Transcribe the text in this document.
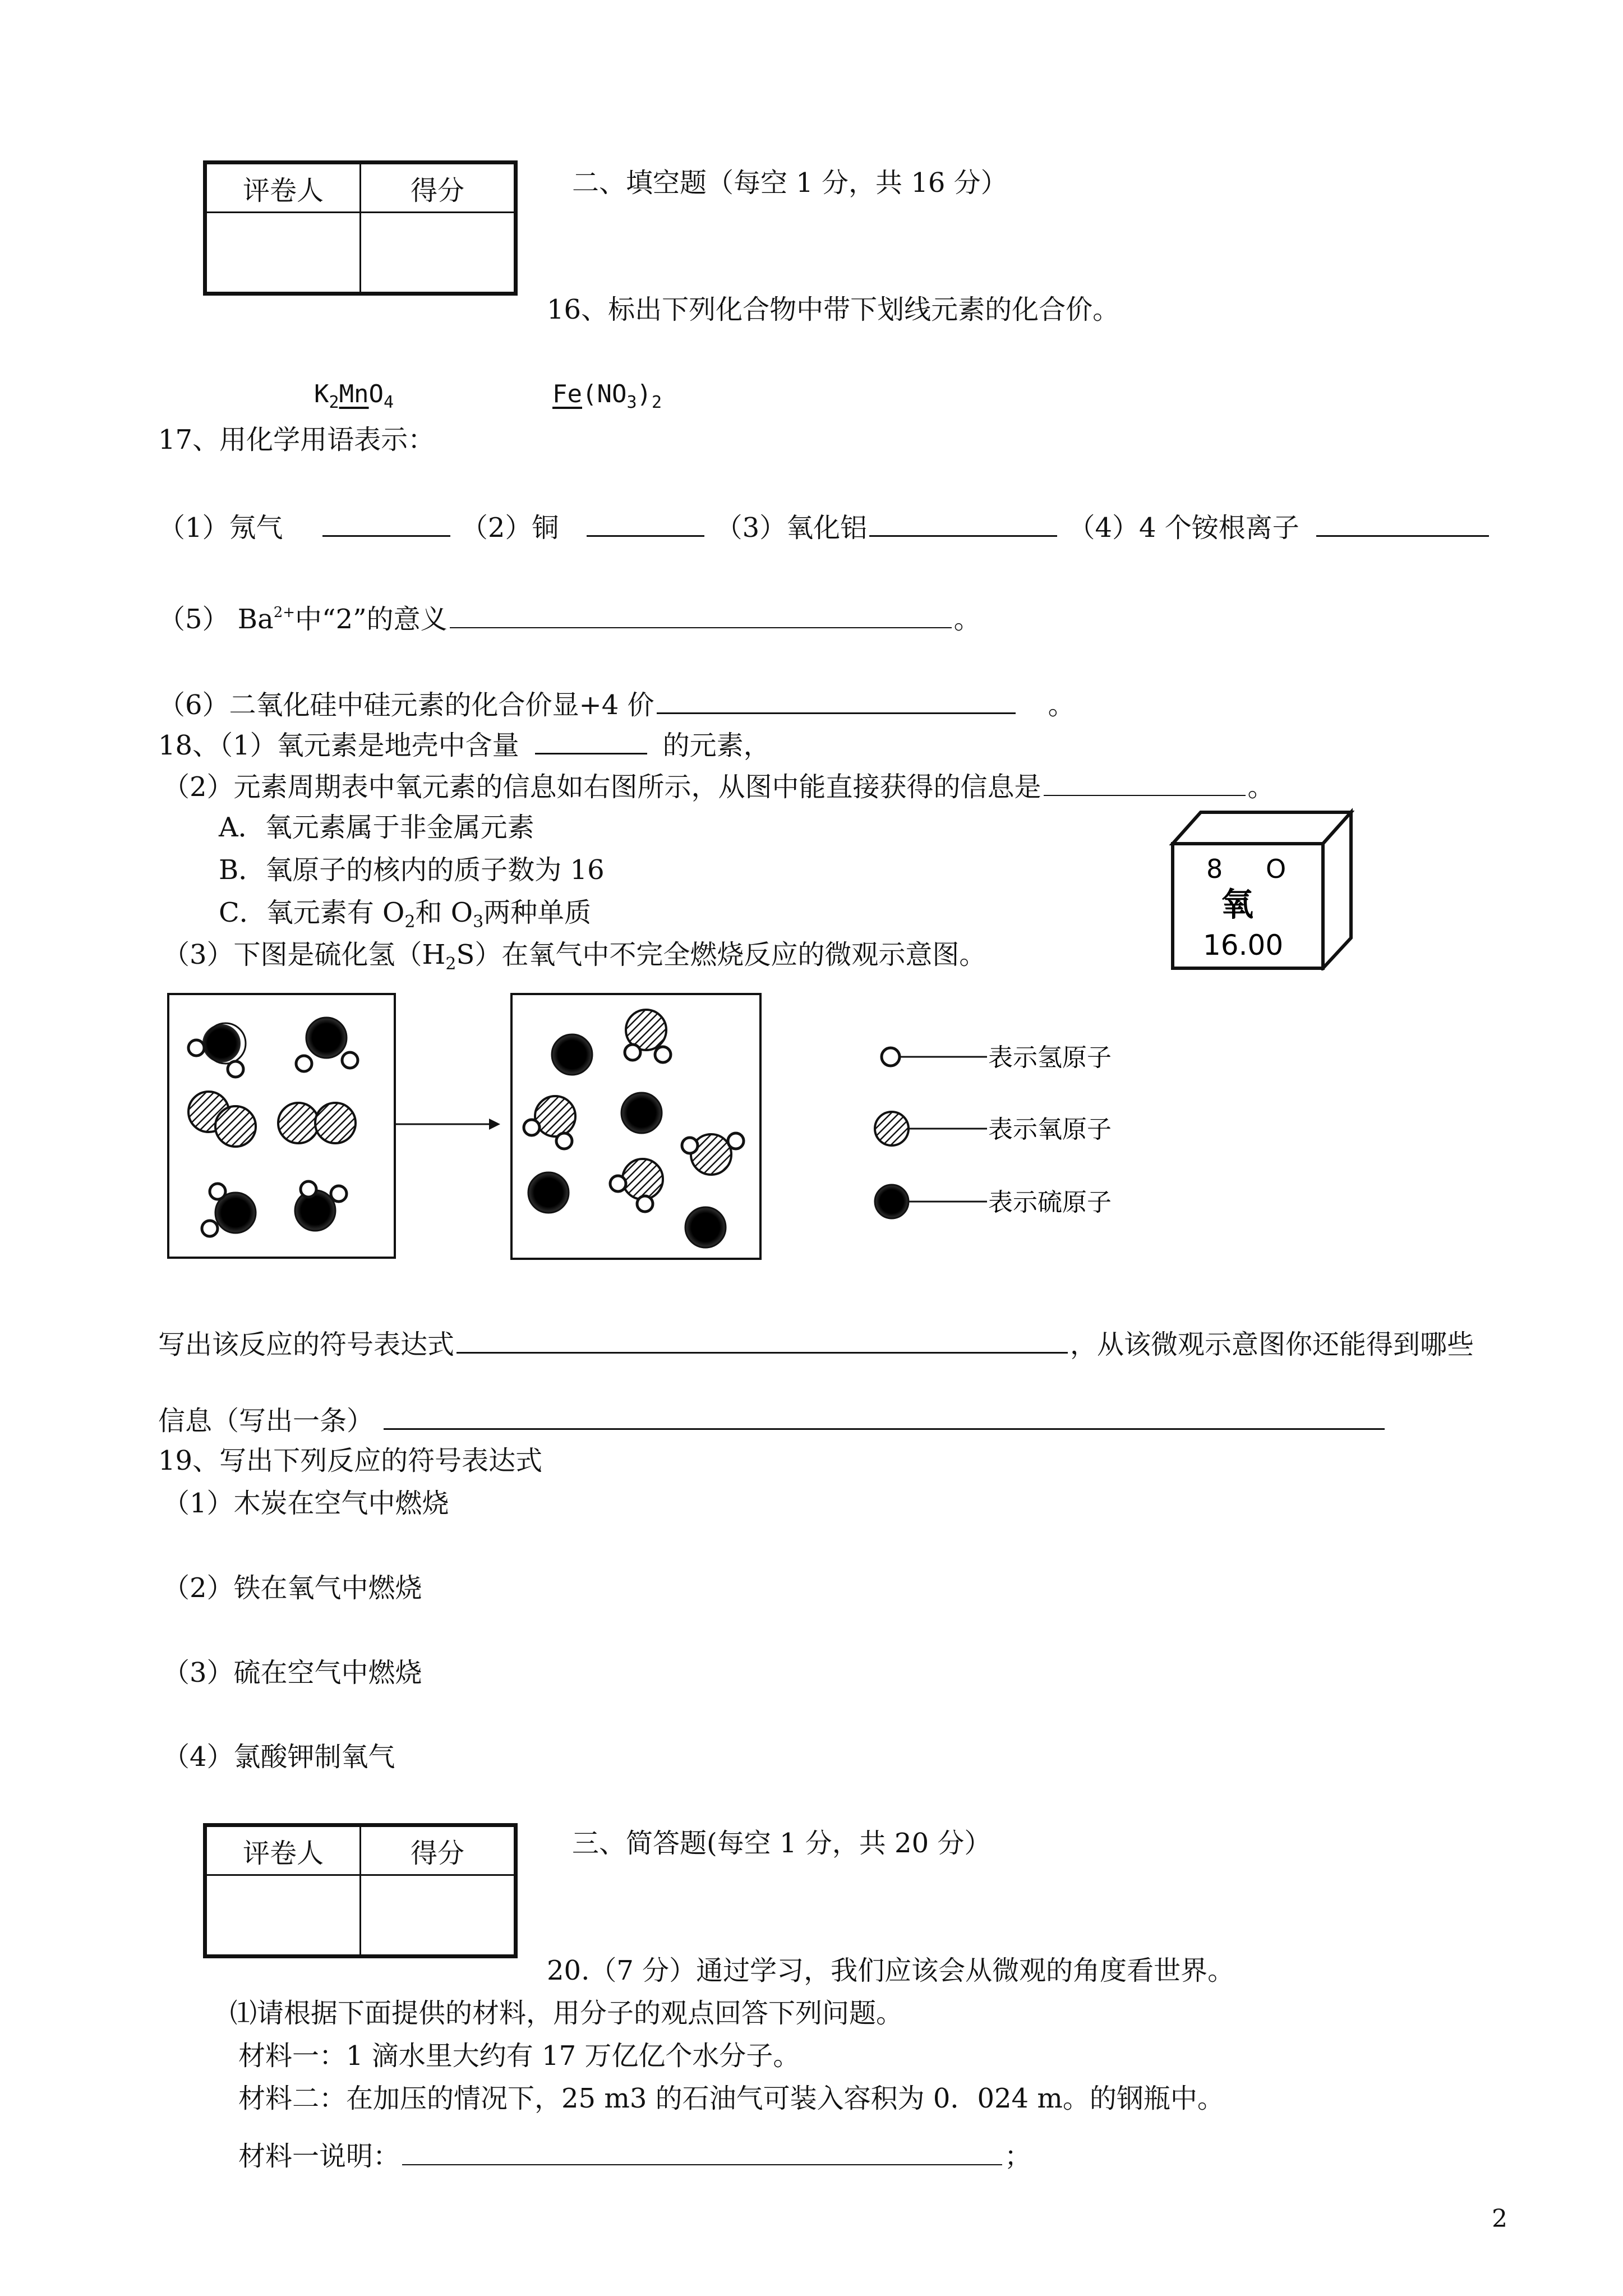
评卷人	得分
		二、填空题（每空 1 分，共 16 分）
16、标出下列化合物中带下划线元素的化合价。
$K_2MnO_4$	$Fe(NO_3)_2$
17、用化学用语表示：
（1）氖气	（2）铜	（3）氧化铝	（4）4 个铵根离子
（5） $Ba^{2+}$中“2”的意义	。
（6）二氧化硅中硅元素的化合价显+4 价	。
18、（1）氧元素是地壳中含量	的元素，
（2）元素周期表中氧元素的信息如右图所示，从图中能直接获得的信息是	。
A．氧元素属于非金属元素
B．氧原子的核内的质子数为 16
C．氧元素有 $O_2$和 $O_3$两种单质
（3）下图是硫化氢$(H_2S)$在氧气中不完全燃烧反应的微观示意图。
8 O
氧
16.00
表示氢原子
表示氧原子
表示硫原子
写出该反应的符号表达式	，从该微观示意图你还能得到哪些
信息（写出一条）
19、写出下列反应的符号表达式
（1）木炭在空气中燃烧
（2）铁在氧气中燃烧
（3）硫在空气中燃烧
（4）氯酸钾制氧气
评卷人	得分
		三、简答题(每空 1 分，共 20 分）
20.（7 分）通过学习，我们应该会从微观的角度看世界。
⑴请根据下面提供的材料，用分子的观点回答下列问题。
材料一：1 滴水里大约有 17 万亿亿个水分子。
材料二：在加压的情况下，25 m3 的石油气可装入容积为 0．024 m。的钢瓶中。
材料一说明：	；
2
